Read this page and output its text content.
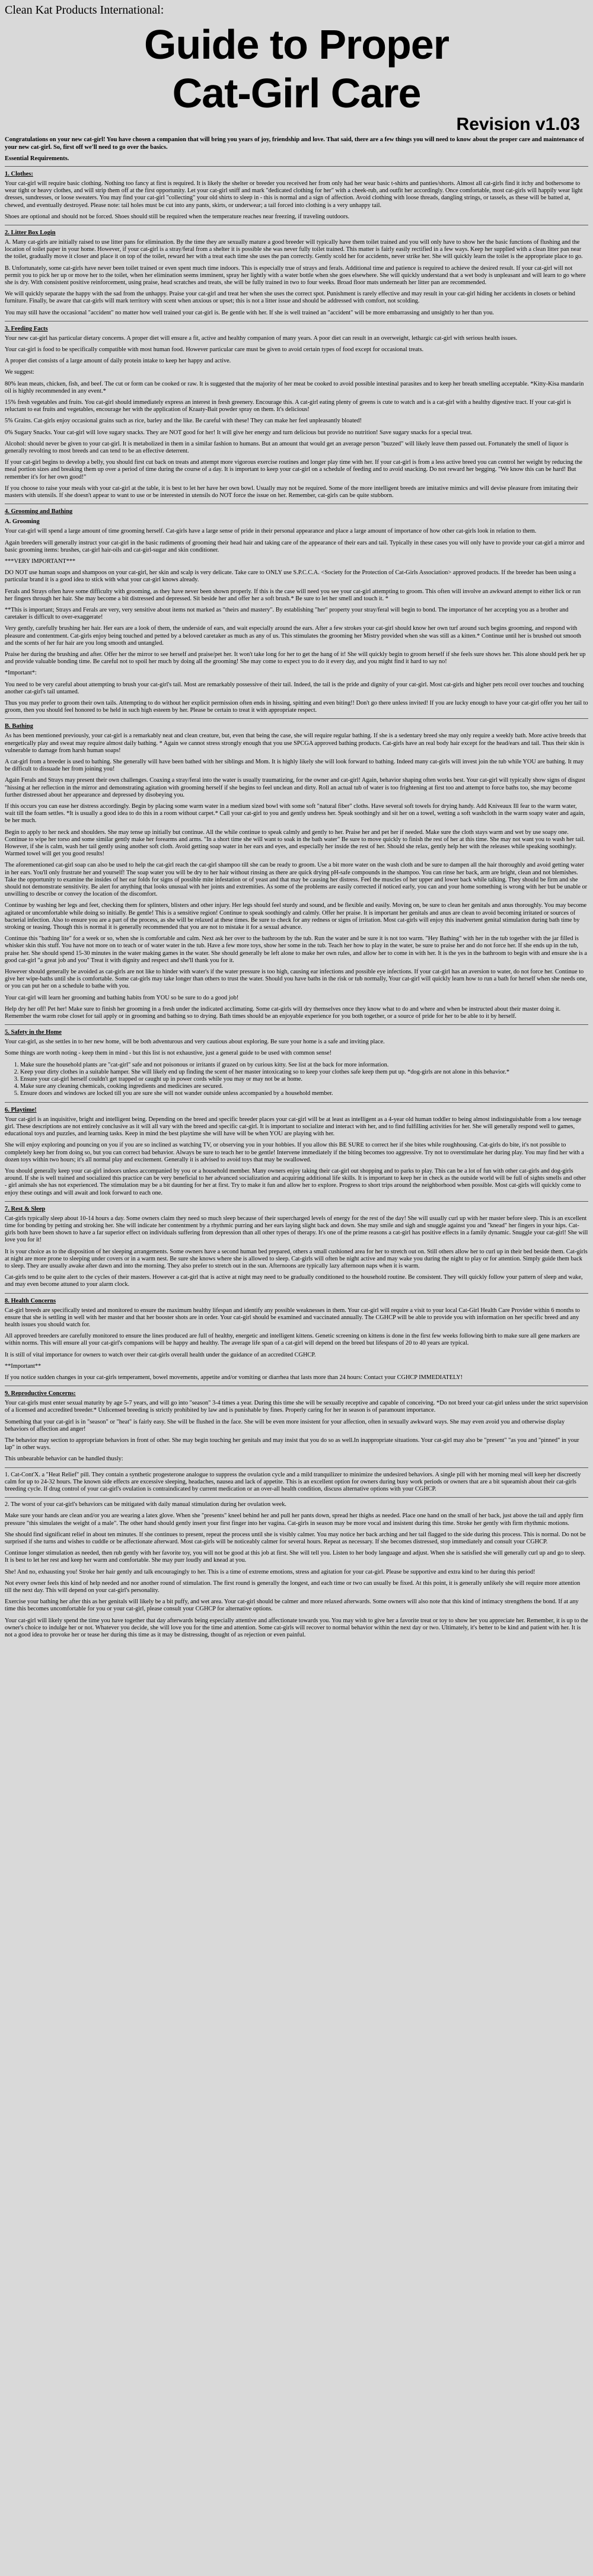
Clean Kat Products International:
Guide to Proper
Cat-Girl Care
Revision v1.03
Congratulations on your new cat-girl! You have chosen a companion that will bring you years of joy, friendship and love. That said, there are a few things you will need to know about the proper care and maintenance of your new cat-girl. So, first off we'll need to go over the basics.
Essential Requirements.
1. Clothes:

Your cat-girl will require basic clothing. Nothing too fancy at first is required. It is likely the shelter or breeder you received her from only had her wear basic t-shirts and panties/shorts. Almost all cat-girls find it itchy and bothersome to wear tight or heavy clothes, and will strip them off at the first opportunity. Let your cat-girl sniff and mark "dedicated clothing for her" with a cheek-rub, and outfit her accordingly. Once comfortable, most cat-girls will happily wear light dresses, sundresses, or loose sweaters. You may find your cat-girl "collecting" your old shirts to sleep in - this is normal and a sign of affection. Avoid clothing with loose threads, dangling strings, or tassels, as these will be batted at, chewed, and eventually destroyed. Please note: tail holes must be cut into any pants, skirts, or underwear; a tail forced into clothing is a very unhappy tail.

Shoes are optional and should not be forced. Shoes should still be required when the temperature reaches near freezing, if traveling outdoors.

2. Litter Box Login

A. Many cat-girls are initially raised to use litter pans for elimination. By the time they are sexually mature a good breeder will typically have them toilet trained and you will only have to show her the basic functions of flushing and the location of toilet paper in your home. However, if your cat-girl is a stray/feral from a shelter it is possible she was never fully toilet trained. This matter is fairly easily rectified in a few ways. Keep her supplied with a clean litter pan near the toilet, gradually move it closer and place it on top of the toilet, reward her with a treat each time she uses the pan correctly. Gently scold her for accidents, never strike her. She will quickly learn the toilet is the appropriate place to go.

B. Unfortunately, some cat-girls have never been toilet trained or even spent much time indoors. This is especially true of strays and ferals. Additional time and patience is required to achieve the desired result. If your cat-girl will not permit you to pick her up or move her to the toilet, when her elimination seems imminent, spray her lightly with a water bottle when she goes elsewhere. She will quickly understand that a wet body is unpleasant and will learn to go where she is dry. With consistent positive reinforcement, using praise, head scratches and treats, she will be fully trained in two to four weeks. Broad floor mats underneath her litter pan are recommended.

We will quickly separate the happy with the sad from the unhappy. Praise your cat-girl and treat her when she uses the correct spot. Punishment is rarely effective and may result in your cat-girl hiding her accidents in closets or behind furniture. Finally, be aware that cat-girls will mark territory with scent when anxious or upset; this is not a litter issue and should be addressed with comfort, not scolding.

You may still have the occasional "accident" no matter how well trained your cat-girl is. Be gentle with her. If she is well trained an "accident" will be more embarrassing and unsightly to her than you.

3. Feeding Facts

Your new cat-girl has particular dietary concerns. A proper diet will ensure a fit, active and healthy companion of many years. A poor diet can result in an overweight, lethargic cat-girl with serious health issues.

Your cat-girl is food to be specifically compatible with most human food. However particular care must be given to avoid certain types of food except for occasional treats.

A proper diet consists of a large amount of daily protein intake to keep her happy and active.

We suggest:

80% lean meats, chicken, fish, and beef. The cut or form can be cooked or raw. It is suggested that the majority of her meat be cooked to avoid possible intestinal parasites and to keep her breath smelling acceptable. *Kitty-Kisa mandarin oil is highly recommended in any event.*

15% fresh vegetables and fruits. You cat-girl should immediately express an interest in fresh greenery. Encourage this. A cat-girl eating plenty of greens is cute to watch and is a cat-girl with a healthy digestive tract. If your cat-girl is reluctant to eat fruits and vegetables, encourage her with the application of Kraaty-Bait powder spray on them. It's delicious!

5% Grains. Cat-girls enjoy occasional grains such as rice, barley and the like. Be careful with these! They can make her feel unpleasantly bloated!

0% Sugary Snacks. Your cat-girl will love sugary snacks. They are NOT good for her! It will give her energy and turn delicious but provide no nutrition! Save sugary snacks for a special treat.

Alcohol: should never be given to your cat-girl. It is metabolized in them in a similar fashion to humans. But an amount that would get an average person "buzzed" will likely leave them passed out. Fortunately the smell of liquor is generally revolting to most breeds and can tend to be an effective deterrent.

If your cat-girl begins to develop a belly, you should first cut back on treats and attempt more vigorous exercise routines and longer play time with her. If your cat-girl is from a less active breed you can control her weight by reducing the meal portion sizes and breaking them up over a period of time during the course of a day. It is important to keep your cat-girl on a schedule of feeding and to avoid snacking. Do not reward her begging. "We know this can be hard! But remember it's for her own good!"

If you choose to raise your meals with your cat-girl at the table, it is best to let her have her own bowl. Usually may not be required. Some of the more intelligent breeds are imitative mimics and will devise pleasure from imitating their masters with utensils. If she doesn't appear to want to use or be interested in utensils do NOT force the issue on her. Remember, cat-girls can be quite stubborn.

4. Grooming and Bathing
A. Grooming

Your cat-girl will spend a large amount of time grooming herself. Cat-girls have a large sense of pride in their personal appearance and place a large amount of importance of how other cat-girls look in relation to them.

Again breeders will generally instruct your cat-girl in the basic rudiments of grooming their head hair and taking care of the appearance of their ears and tail. Typically in these cases you will only have to provide your cat-girl a mirror and basic grooming items: brushes, cat-girl hair-oils and cat-girl-sugar and skin conditioner.

***VERY IMPORTANT***

DO NOT use human soaps and shampoos on your cat-girl, her skin and scalp is very delicate. Take care to ONLY use S.P.C.C.A. <Society for the Protection of Cat-Girls Association> approved products. If the breeder has been using a particular brand it is a good idea to stick with what your cat-girl knows already.

Ferals and Strays often have some difficulty with grooming, as they have never been shown properly. If this is the case will need you see your cat-girl attempting to groom. This often will involve an awkward attempt to either lick or run her fingers through her hair. She may become a bit distressed and depressed. Sit beside her and offer her a soft brush.* Be sure to let her smell and touch it. *

**This is important; Strays and Ferals are very, very sensitive about items not marked as "theirs and mastery". By establishing "her" property your stray/feral will begin to bond. The importance of her accepting you as a brother and caretaker is difficult to over-exaggerate!

Very gently, carefully brushing her hair. Her ears are a look of them, the underside of ears, and wait especially around the ears. After a few strokes your cat-girl should know her own turf around such begins grooming, and respond with pleasure and contentment. Cat-girls enjoy being touched and petted by a beloved caretaker as much as any of us. This stimulates the grooming her Mistry provided when she was still as a kitten.* Continue until her is brushed out smooth and the scents of her fur hair are you long smooth and untangled.

Praise her during the brushing and after. Offer her the mirror to see herself and praise/pet her. It won't take long for her to get the hang of it! She will quickly begin to groom herself if she feels sure shows her. This alone should perk her up and provide valuable bonding time. Be careful not to spoil her much by doing all the grooming! She may come to expect you to do it every day, and you might find it hard to say no!

*Important*:

You need to be very careful about attempting to brush your cat-girl's tail. Most are remarkably possessive of their tail. Indeed, the tail is the pride and dignity of your cat-girl. Most cat-girls and higher pets recoil over touches and touching another cat-girl's tail untamed.

Thus you may prefer to groom their own tails. Attempting to do without her explicit permission often ends in hissing, spitting and even biting!! Don't go there unless invited! If you are lucky enough to have your cat-girl offer you her tail to groom, then you should feel honored to be held in such high esteem by her. Please be certain to treat it with appropriate respect.

B. Bathing

As has been mentioned previously, your cat-girl is a remarkably neat and clean creature, but, even that being the case, she will require regular bathing. If she is a sedentary breed she may only require a weekly bath. More active breeds that energetically play and sweat may require almost daily bathing. * Again we cannot stress strongly enough that you use SPCGA approved bathing products. Cat-girls have an real body hair except for the head/ears and tail. Thus their skin is vulnerable to damage from harsh human soaps!

A cat-girl from a breeder is used to bathing. She generally will have been bathed with her siblings and Mom. It is highly likely she will look forward to bathing. Indeed many cat-girls will invest join the tub while YOU are bathing. It may be difficult to dissuade her from joining you!

Again Ferals and Strays may present their own challenges. Coaxing a stray/feral into the water is usually traumatizing, for the owner and cat-girl! Again, behavior shaping often works best. Your cat-girl will typically show signs of disgust "hissing at her reflection in the mirror and demonstrating agitation with grooming herself if she begins to feel unclean and dirty. Roll an actual tub of water is too frightening at first too and attempt to force baths too, she may become further distressed about her appearance and depressed by disobeying you.

If this occurs you can ease her distress accordingly. Begin by placing some warm water in a medium sized bowl with some soft "natural fiber" cloths. Have several soft towels for drying handy. Add Kniveaux Ill fear to the warm water, wait till the foam settles. *It is usually a good idea to do this in a room without carpet.* Call your cat-girl to you and gently undress her. Speak soothingly and sit her on a towel, wetting a soft washcloth in the warm soapy water and again, be her much.

Begin to apply to her neck and shoulders. She may tense up initially but continue. All the while continue to speak calmly and gently to her. Praise her and pet her if needed. Make sure the cloth stays warm and wet by use soapy one. Continue to wipe her torso and some similar gently make her forearms and arms. "In a short time she will want to soak in the bath water" Be sure to move quickly to finish the rest of her at this time. She may not want you to wash her tail. However, if she is calm, wash her tail gently using another soft cloth. Avoid getting soap water in her ears and eyes, and especially her inside the rest of her. Should she relax, gently help her with the releases while speaking soothingly. Warmed towel will get you good results!

The aforementioned cat-girl soap can also be used to help the cat-girl reach the cat-girl shampoo till she can be ready to groom. Use a bit more water on the wash cloth and be sure to dampen all the hair thoroughly and avoid getting water in her ears. You'll only frustrate her and yourself! The soap water you will be dry to her hair without rinsing as there are quick drying pH-safe compounds in the shampoo. You can rinse her back, arm are bright, clean and not blemishes. Take the opportunity to examine the insides of her ear folds for signs of possible mite infestation or of yeast and that may be causing her distress. Feel the muscles of her upper and lower back while talking. They should be firm and she should not demonstrate sensitivity. Be alert for anything that looks unusual with her joints and extremities. As some of the problems are easily corrected if noticed early, you can and your home something is wrong with her but be unable or unwilling to describe or convey the location of the discomfort.

Continue by washing her legs and feet, checking them for splinters, blisters and other injury. Her legs should feel sturdy and sound, and be flexible and easily. Moving on, be sure to clean her genitals and anus thoroughly. You may become agitated or uncomfortable while doing so initially. Be gentle! This is a sensitive region! Continue to speak soothingly and calmly. Offer her praise. It is important her genitals and anus are clean to avoid becoming irritated or sources of bacterial infection. Also to ensure you are a part of the process, as she will be relaxed at these times. Be sure to check for any redness or signs of irritation. Most cat-girls will enjoy this inadvertent genital stimulation during bath time by stroking or teasing. Though this is normal it is generally recommended that you are not to mistake it for a sexual advance.

Continue this "bathing lite" for a week or so, when she is comfortable and calm. Next ask her over to the bathroom by the tub. Run the water and be sure it is not too warm. "Hey Bathing" with her in the tub together with the jar filled is whisker skin this stuff. You have not more on to teach or of water water in the tub. Have a few more toys, show her some in the tub. Teach her how to play in the water, be sure to praise her and do not force her. If she ends up in the tub, praise her. She should spend 15-30 minutes in the water making games in the water. She should generally be left alone to make her own rules, and allow her to come in with her. It is the yes in the bathroom to begin with and ensure she is a good cat-girl "a great job and you" Treat it with dignity and respect and she'll thank you for it.

However should generally be avoided as cat-girls are not like to hinder with water's if the water pressure is too high, causing ear infections and possible eye infections. If your cat-girl has an aversion to water, do not force her. Continue to give her wipe-baths until she is comfortable. Some cat-girls may take longer than others to trust the water. Should you have baths in the risk or tub normally, Your cat-girl will quickly learn how to run a bath for herself when she needs one, or you can put her on a schedule to bathe with you.

Your cat-girl will learn her grooming and bathing habits from YOU so be sure to do a good job!

Help dry her off! Pet her! Make sure to finish her grooming in a fresh under the indicated acclimating. Some cat-girls will dry themselves once they know what to do and where and when be instructed about their master doing it. Remember the warm robe closet for tail apply or in grooming and bathing so to drying. Bath times should be an enjoyable experience for you both together, or a source of pride for her to be able to it by herself.

5. Safety in the Home

Your cat-girl, as she settles in to her new home, will be both adventurous and very cautious about exploring. Be sure your home is a safe and inviting place.

Some things are worth noting - keep them in mind - but this list is not exhaustive, just a general guide to be used with common sense!

1. Make sure the household plants are "cat-girl" safe and not poisonous or irritants if grazed on by curious kitty. See list at the back for more information.
2. Keep your dirty clothes in a suitable hamper. She will likely end up finding the scent of her master intoxicating so to keep your clothes safe keep them put up. *dog-girls are not alone in this behavior.*
3. Ensure your cat-girl herself couldn't get trapped or caught up in power cords while you may or may not be at home.
4. Make sure any cleaning chemicals, cooking ingredients and medicines are secured.
5. Ensure doors and windows are locked till you are sure she will not wander outside unless accompanied by a household member.
6. Playtime!

Your cat-girl is an inquisitive, bright and intelligent being. Depending on the breed and specific breeder places your cat-girl will be at least as intelligent as a 4-year old human toddler to being almost indistinguishable from a low teenage girl. These descriptions are not entirely conclusive as it will all vary with the breed and specific cat-girl. It is important to socialize and interact with her, and to find fulfilling activities for her. She will generally respond well to games, educational toys and puzzles, and learning tasks. Keep in mind the best playtime she will have will be when YOU are playing with her.

She will enjoy exploring and pouncing on you if you are so inclined as watching TV, or observing you in your hobbies. If you allow this BE SURE to correct her if she bites while roughhousing. Cat-girls do bite, it's not possible to completely keep her from doing so, but you can correct bad behavior. Always be sure to teach her to be gentle! Intervene immediately if the biting becomes too aggressive. Try not to overstimulate her during play. You may find her with a dozen toys within two hours; it's all normal play and excitement. Generally it is advised to avoid toys that may be swallowed.

You should generally keep your cat-girl indoors unless accompanied by you or a household member. Many owners enjoy taking their cat-girl out shopping and to parks to play. This can be a lot of fun with other cat-girls and dog-girls around. If she is well trained and socialized this practice can be very beneficial to her advanced socialization and acquiring additional life skills. It is important to keep her in check as the outside world will be full of sights smells and other - girl animals she has not experienced. The stimulation may be a bit daunting for her at first. Try to make it fun and allow her to explore. Progress to short trips around the neighborhood when possible. Most cat-girls will quickly come to enjoy these outings and will await and look forward to each one.

7. Rest & Sleep

Cat-girls typically sleep about 10-14 hours a day. Some owners claim they need so much sleep because of their supercharged levels of energy for the rest of the day! She will usually curl up with her master before sleep. This is an excellent time for bonding by petting and stroking her. She will indicate her contentment by a rhythmic purring and her ears laying slight back and down. She may smile and sigh and snuggle against you and "knead" her fingers in your hips. Cat-girls both have been shown to have a far superior effect on individuals suffering from depression than all other types of therapy. It's one of the prime reasons a cat-girl has positive effects in a family dynamic. Snuggle your cat-girl! She will love you for it!

It is your choice as to the disposition of her sleeping arrangements. Some owners have a second human bed prepared, others a small cushioned area for her to stretch out on. Still others allow her to curl up in their bed beside them. Cat-girls at night are more prone to sleeping under covers or in a warm nest. Be sure she knows where she is allowed to sleep. Cat-girls will often be night active and may wake you during the night to play or for attention. Simply guide them back to sleep. They are usually awake after dawn and into the morning. They also prefer to stretch out in the sun. Afternoons are typically lazy afternoon naps when it is warm.

Cat-girls tend to be quite alert to the cycles of their masters. However a cat-girl that is active at night may need to be gradually conditioned to the household routine. Be consistent. They will quickly follow your pattern of sleep and wake, and may even become attuned to your alarm clock.

8. Health Concerns

Cat-girl breeds are specifically tested and monitored to ensure the maximum healthy lifespan and identify any possible weaknesses in them. Your cat-girl will require a visit to your local Cat-Girl Health Care Provider within 6 months to ensure that she is settling in well with her master and that her booster shots are in order. Your cat-girl should be examined and vaccinated annually. The CGHCP will be able to provide you with information on her specific breed and any health issues you should watch for.

All approved breeders are carefully monitored to ensure the lines produced are full of healthy, energetic and intelligent kittens. Genetic screening on kittens is done in the first few weeks following birth to make sure all gene markers are within norms. This will ensure all your cat-girl's companions will be happy and healthy. The average life span of a cat-girl will depend on the breed but lifespans of 20 to 40 years are typical.

It is still of vital importance for owners to watch over their cat-girls overall health under the guidance of an accredited CGHCP.

**Important**

If you notice sudden changes in your cat-girls temperament, bowel movements, appetite and/or vomiting or diarrhea that lasts more than 24 hours: Contact your CGHCP IMMEDIATELY!

9. Reproductive Concerns:

Your cat-girls must enter sexual maturity by age 5-7 years, and will go into "season" 3-4 times a year. During this time she will be sexually receptive and capable of conceiving. *Do not breed your cat-girl unless under the strict supervision of a licensed and accredited breeder.* Unlicensed breeding is strictly prohibited by law and is punishable by fines. Properly caring for her in season is of paramount importance.

Something that your cat-girl is in "season" or "heat" is fairly easy. She will be flushed in the face. She will be even more insistent for your affection, often in sexually awkward ways. She may even avoid you and otherwise display behaviors of affection and anger!

The behavior may section to appropriate behaviors in front of other. She may begin touching her genitals and may insist that you do so as well.In inappropriate situations. Your cat-girl may also be "present" "as you and "pinned" in your lap" in other ways.

This unbearable behavior can be handled thusly:

1. Cat-Cont'X. a "Heat Relief" pill. They contain a synthetic progesterone analogue to suppress the ovulation cycle and a mild tranquilizer to minimize the undesired behaviors. A single pill with her morning meal will keep her discreetly calm for up to 24-32 hours. The known side effects are excessive sleeping, headaches, nausea and lack of appetite. This is an excellent option for owners during busy work periods or owners that are a bit squeamish about their cat-girls breeding cycle. If drug control of your cat-girl's ovulation is contraindicated by current medication or an over-all health condition, discuss alternative options with your CGHCP.

2. The worst of your cat-girl's behaviors can be mitigated with daily manual stimulation during her ovulation week.

Make sure your hands are clean and/or you are wearing a latex glove. When she "presents" kneel behind her and pull her pants down, spread her thighs as needed. Place one hand on the small of her back, just above the tail and apply firm pressure "this simulates the weight of a male". The other hand should gently insert your first finger into her vagina. Cat-girls in season may be more vocal and insistent during this time. Stroke her gently with firm rhythmic motions.

She should find significant relief in about ten minutes. If she continues to present, repeat the process until she is visibly calmer. You may notice her back arching and her tail flagged to the side during this process. This is normal. Do not be surprised if she turns and wishes to cuddle or be affectionate afterward. Most cat-girls will be noticeably calmer for several hours. Repeat as necessary. If she becomes distressed, stop immediately and consult your CGHCP.

Continue longer stimulation as needed, then rub gently with her favorite toy, you will not be good at this job at first. She will tell you. Listen to her body language and adjust. When she is satisfied she will generally curl up and go to sleep. It is best to let her rest and keep her warm and comfortable. She may purr loudly and knead at you.

She! And no, exhausting you! Stroke her hair gently and talk encouragingly to her. This is a time of extreme emotions, stress and agitation for your cat-girl. Please be supportive and extra kind to her during this period!

Not every owner feels this kind of help needed and nor another round of stimulation. The first round is generally the longest, and each time or two can usually be fixed. At this point, it is generally unlikely she will require more attention till the next day. This will depend on your cat-girl's personality.

Exercise your bathing her after this as her genitals will likely be a bit puffy, and wet area. Your cat-girl should be calmer and more relaxed afterwards. Some owners will also note that this kind of intimacy strengthens the bond. If at any time this becomes uncomfortable for you or your cat-girl, please consult your CGHCP for alternative options.

Your cat-girl will likely spend the time you have together that day afterwards being especially attentive and affectionate towards you. You may wish to give her a favorite treat or toy to show her you appreciate her. Remember, it is up to the owner's choice to indulge her or not. Whatever you decide, she will love you for the time and attention. Some cat-girls will recover to normal behavior within the next day or two. Ultimately, it's better to be kind and patient with her. It is not a good idea to provoke her or tease her during this time as it may be distressing, thought of as rejection or even painful.
